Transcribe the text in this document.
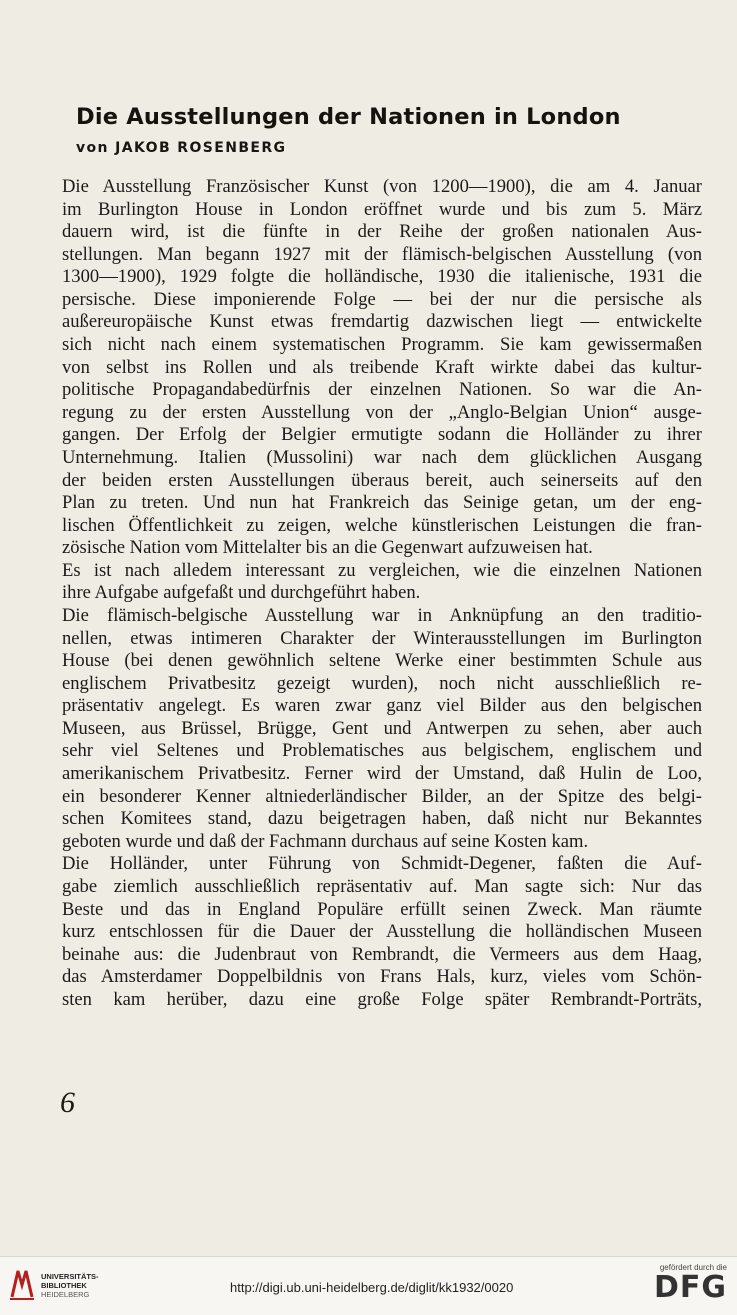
Die Ausstellungen der Nationen in London
von JAKOB ROSENBERG
Die Ausstellung Französischer Kunst (von 1200—1900), die am 4. Januar
im Burlington House in London eröffnet wurde und bis zum 5. März
dauern wird, ist die fünfte in der Reihe der großen nationalen Aus-
stellungen. Man begann 1927 mit der flämisch-belgischen Ausstellung (von
1300—1900), 1929 folgte die holländische, 1930 die italienische, 1931 die
persische. Diese imponierende Folge — bei der nur die persische als
außereuropäische Kunst etwas fremdartig dazwischen liegt — entwickelte
sich nicht nach einem systematischen Programm. Sie kam gewissermaßen
von selbst ins Rollen und als treibende Kraft wirkte dabei das kultur-
politische Propagandabedürfnis der einzelnen Nationen. So war die An-
regung zu der ersten Ausstellung von der „Anglo-Belgian Union“ ausge-
gangen. Der Erfolg der Belgier ermutigte sodann die Holländer zu ihrer
Unternehmung. Italien (Mussolini) war nach dem glücklichen Ausgang
der beiden ersten Ausstellungen überaus bereit, auch seinerseits auf den
Plan zu treten. Und nun hat Frankreich das Seinige getan, um der eng-
lischen Öffentlichkeit zu zeigen, welche künstlerischen Leistungen die fran-
zösische Nation vom Mittelalter bis an die Gegenwart aufzuweisen hat.
Es ist nach alledem interessant zu vergleichen, wie die einzelnen Nationen
ihre Aufgabe aufgefaßt und durchgeführt haben.
Die flämisch-belgische Ausstellung war in Anknüpfung an den traditio-
nellen, etwas intimeren Charakter der Winterausstellungen im Burlington
House (bei denen gewöhnlich seltene Werke einer bestimmten Schule aus
englischem Privatbesitz gezeigt wurden), noch nicht ausschließlich re-
präsentativ angelegt. Es waren zwar ganz viel Bilder aus den belgischen
Museen, aus Brüssel, Brügge, Gent und Antwerpen zu sehen, aber auch
sehr viel Seltenes und Problematisches aus belgischem, englischem und
amerikanischem Privatbesitz. Ferner wird der Umstand, daß Hulin de Loo,
ein besonderer Kenner altniederländischer Bilder, an der Spitze des belgi-
schen Komitees stand, dazu beigetragen haben, daß nicht nur Bekanntes
geboten wurde und daß der Fachmann durchaus auf seine Kosten kam.
Die Holländer, unter Führung von Schmidt-Degener, faßten die Auf-
gabe ziemlich ausschließlich repräsentativ auf. Man sagte sich: Nur das
Beste und das in England Populäre erfüllt seinen Zweck. Man räumte
kurz entschlossen für die Dauer der Ausstellung die holländischen Museen
beinahe aus: die Judenbraut von Rembrandt, die Vermeers aus dem Haag,
das Amsterdamer Doppelbildnis von Frans Hals, kurz, vieles vom Schön-
sten kam herüber, dazu eine große Folge später Rembrandt-Porträts,
6
UNIVERSITÄTS-
BIBLIOTHEK
HEIDELBERG	http://digi.ub.uni-heidelberg.de/diglit/kk1932/0020
gefördert durch die
DFG
